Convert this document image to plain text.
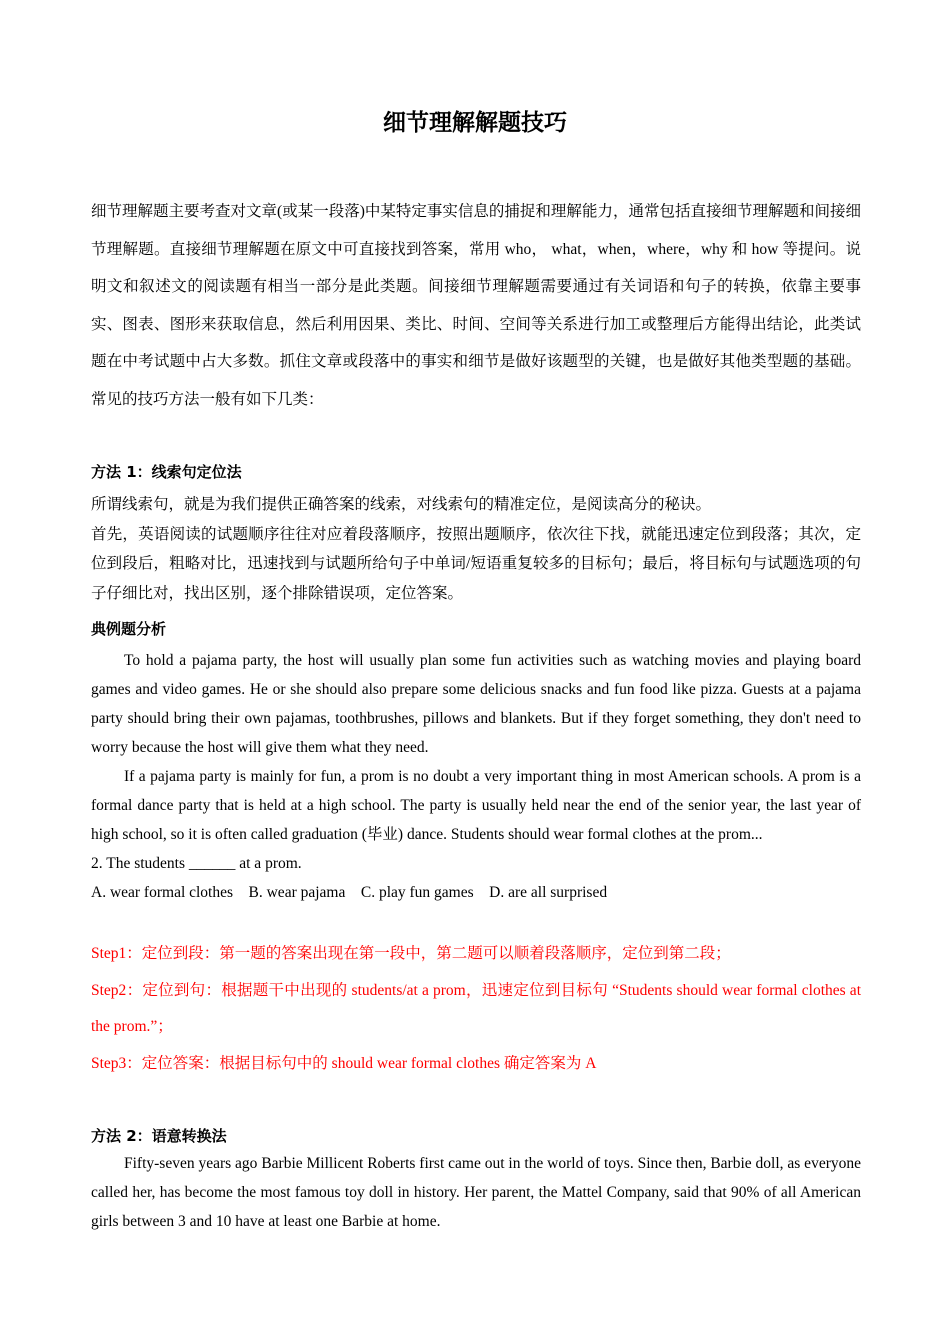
细节理解解题技巧

细节理解题主要考查对文章(或某一段落)中某特定事实信息的捕捉和理解能力，通常包括直接细节理解题和间接细节理解题。直接细节理解题在原文中可直接找到答案，常用 who， what，when，where，why 和 how 等提问。说明文和叙述文的阅读题有相当一部分是此类题。间接细节理解题需要通过有关词语和句子的转换，依靠主要事实、图表、图形来获取信息，然后利用因果、类比、时间、空间等关系进行加工或整理后方能得出结论，此类试题在中考试题中占大多数。抓住文章或段落中的事实和细节是做好该题型的关键，也是做好其他类型题的基础。常见的技巧方法一般有如下几类：

方法 1：线索句定位法

所谓线索句，就是为我们提供正确答案的线索，对线索句的精准定位，是阅读高分的秘诀。

首先，英语阅读的试题顺序往往对应着段落顺序，按照出题顺序，依次往下找，就能迅速定位到段落；其次，定位到段后，粗略对比，迅速找到与试题所给句子中单词/短语重复较多的目标句；最后，将目标句与试题选项的句子仔细比对，找出区别，逐个排除错误项，定位答案。

典例题分析

To hold a pajama party, the host will usually plan some fun activities such as watching movies and playing board games and video games. He or she should also prepare some delicious snacks and fun food like pizza. Guests at a pajama party should bring their own pajamas, toothbrushes, pillows and blankets. But if they forget something, they don't need to worry because the host will give them what they need.

If a pajama party is mainly for fun, a prom is no doubt a very important thing in most American schools. A prom is a formal dance party that is held at a high school. The party is usually held near the end of the senior year, the last year of high school, so it is often called graduation (毕业) dance. Students should wear formal clothes at the prom...

2. The students ______ at a prom.

A. wear formal clothes    B. wear pajama    C. play fun games    D. are all surprised

Step1：定位到段：第一题的答案出现在第一段中，第二题可以顺着段落顺序，定位到第二段；

Step2：定位到句：根据题干中出现的 students/at a prom，迅速定位到目标句 “Students should wear formal clothes at the prom.”；

Step3：定位答案：根据目标句中的 should wear formal clothes 确定答案为 A

方法 2：语意转换法

Fifty-seven years ago Barbie Millicent Roberts first came out in the world of toys. Since then, Barbie doll, as everyone called her, has become the most famous toy doll in history. Her parent, the Mattel Company, said that 90% of all American girls between 3 and 10 have at least one Barbie at home.
